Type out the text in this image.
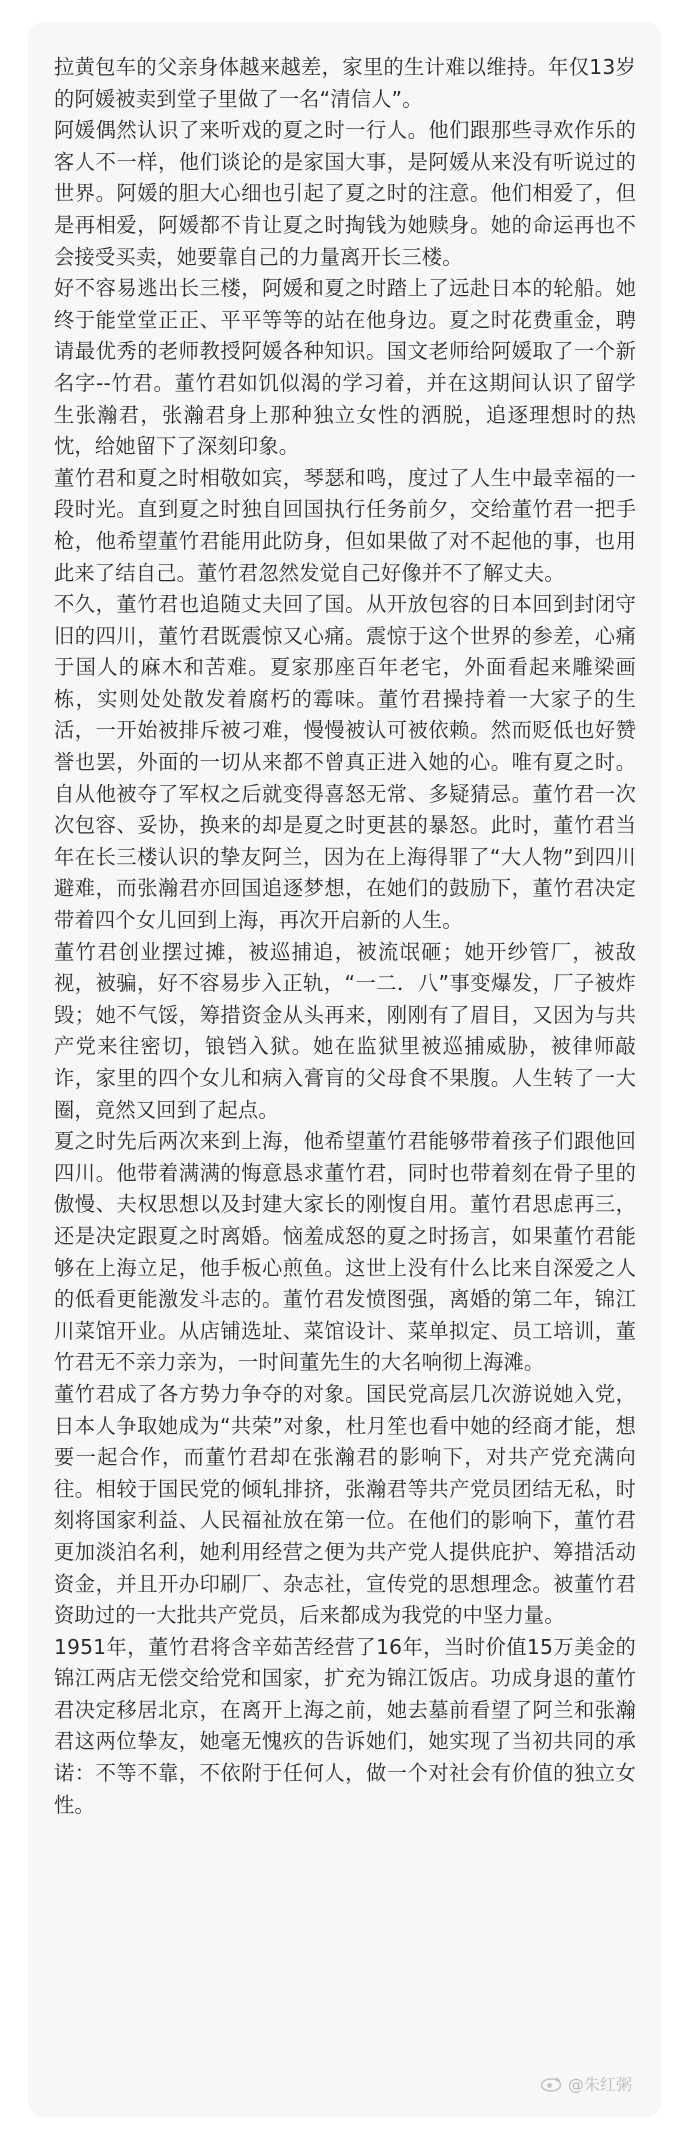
拉黄包车的父亲身体越来越差，家里的生计难以维持。年仅13岁的阿媛被卖到堂子里做了一名“清信人”。

阿媛偶然认识了来听戏的夏之时一行人。他们跟那些寻欢作乐的客人不一样，他们谈论的是家国大事，是阿媛从来没有听说过的世界。阿媛的胆大心细也引起了夏之时的注意。他们相爱了，但是再相爱，阿媛都不肯让夏之时掏钱为她赎身。她的命运再也不会接受买卖，她要靠自己的力量离开长三楼。

好不容易逃出长三楼，阿媛和夏之时踏上了远赴日本的轮船。她终于能堂堂正正、平平等等的站在他身边。夏之时花费重金，聘请最优秀的老师教授阿媛各种知识。国文老师给阿媛取了一个新名字--竹君。董竹君如饥似渴的学习着，并在这期间认识了留学生张瀚君，张瀚君身上那种独立女性的洒脱，追逐理想时的热忱，给她留下了深刻印象。

董竹君和夏之时相敬如宾，琴瑟和鸣，度过了人生中最幸福的一段时光。直到夏之时独自回国执行任务前夕，交给董竹君一把手枪，他希望董竹君能用此防身，但如果做了对不起他的事，也用此来了结自己。董竹君忽然发觉自己好像并不了解丈夫。

不久，董竹君也追随丈夫回了国。从开放包容的日本回到封闭守旧的四川，董竹君既震惊又心痛。震惊于这个世界的参差，心痛于国人的麻木和苦难。夏家那座百年老宅，外面看起来雕梁画栋，实则处处散发着腐朽的霉味。董竹君操持着一大家子的生活，一开始被排斥被刁难，慢慢被认可被依赖。然而贬低也好赞誉也罢，外面的一切从来都不曾真正进入她的心。唯有夏之时。自从他被夺了军权之后就变得喜怒无常、多疑猜忌。董竹君一次次包容、妥协，换来的却是夏之时更甚的暴怒。此时，董竹君当年在长三楼认识的挚友阿兰，因为在上海得罪了“大人物”到四川避难，而张瀚君亦回国追逐梦想，在她们的鼓励下，董竹君决定带着四个女儿回到上海，再次开启新的人生。

董竹君创业摆过摊，被巡捕追，被流氓砸；她开纱管厂，被敌视，被骗，好不容易步入正轨，“一二．八”事变爆发，厂子被炸毁；她不气馁，筹措资金从头再来，刚刚有了眉目，又因为与共产党来往密切，锒铛入狱。她在监狱里被巡捕威胁，被律师敲诈，家里的四个女儿和病入膏肓的父母食不果腹。人生转了一大圈，竟然又回到了起点。

夏之时先后两次来到上海，他希望董竹君能够带着孩子们跟他回四川。他带着满满的悔意恳求董竹君，同时也带着刻在骨子里的傲慢、夫权思想以及封建大家长的刚愎自用。董竹君思虑再三，还是决定跟夏之时离婚。恼羞成怒的夏之时扬言，如果董竹君能够在上海立足，他手板心煎鱼。这世上没有什么比来自深爱之人的低看更能激发斗志的。董竹君发愤图强，离婚的第二年，锦江川菜馆开业。从店铺选址、菜馆设计、菜单拟定、员工培训，董竹君无不亲力亲为，一时间董先生的大名响彻上海滩。

董竹君成了各方势力争夺的对象。国民党高层几次游说她入党，日本人争取她成为“共荣”对象，杜月笙也看中她的经商才能，想要一起合作，而董竹君却在张瀚君的影响下，对共产党充满向往。相较于国民党的倾轧排挤，张瀚君等共产党员团结无私，时刻将国家利益、人民福祉放在第一位。在他们的影响下，董竹君更加淡泊名利，她利用经营之便为共产党人提供庇护、筹措活动资金，并且开办印刷厂、杂志社，宣传党的思想理念。被董竹君资助过的一大批共产党员，后来都成为我党的中坚力量。

1951年，董竹君将含辛茹苦经营了16年，当时价值15万美金的锦江两店无偿交给党和国家，扩充为锦江饭店。功成身退的董竹君决定移居北京，在离开上海之前，她去墓前看望了阿兰和张瀚君这两位挚友，她毫无愧疚的告诉她们，她实现了当初共同的承诺：不等不靠，不依附于任何人，做一个对社会有价值的独立女性。

@朱红粥
